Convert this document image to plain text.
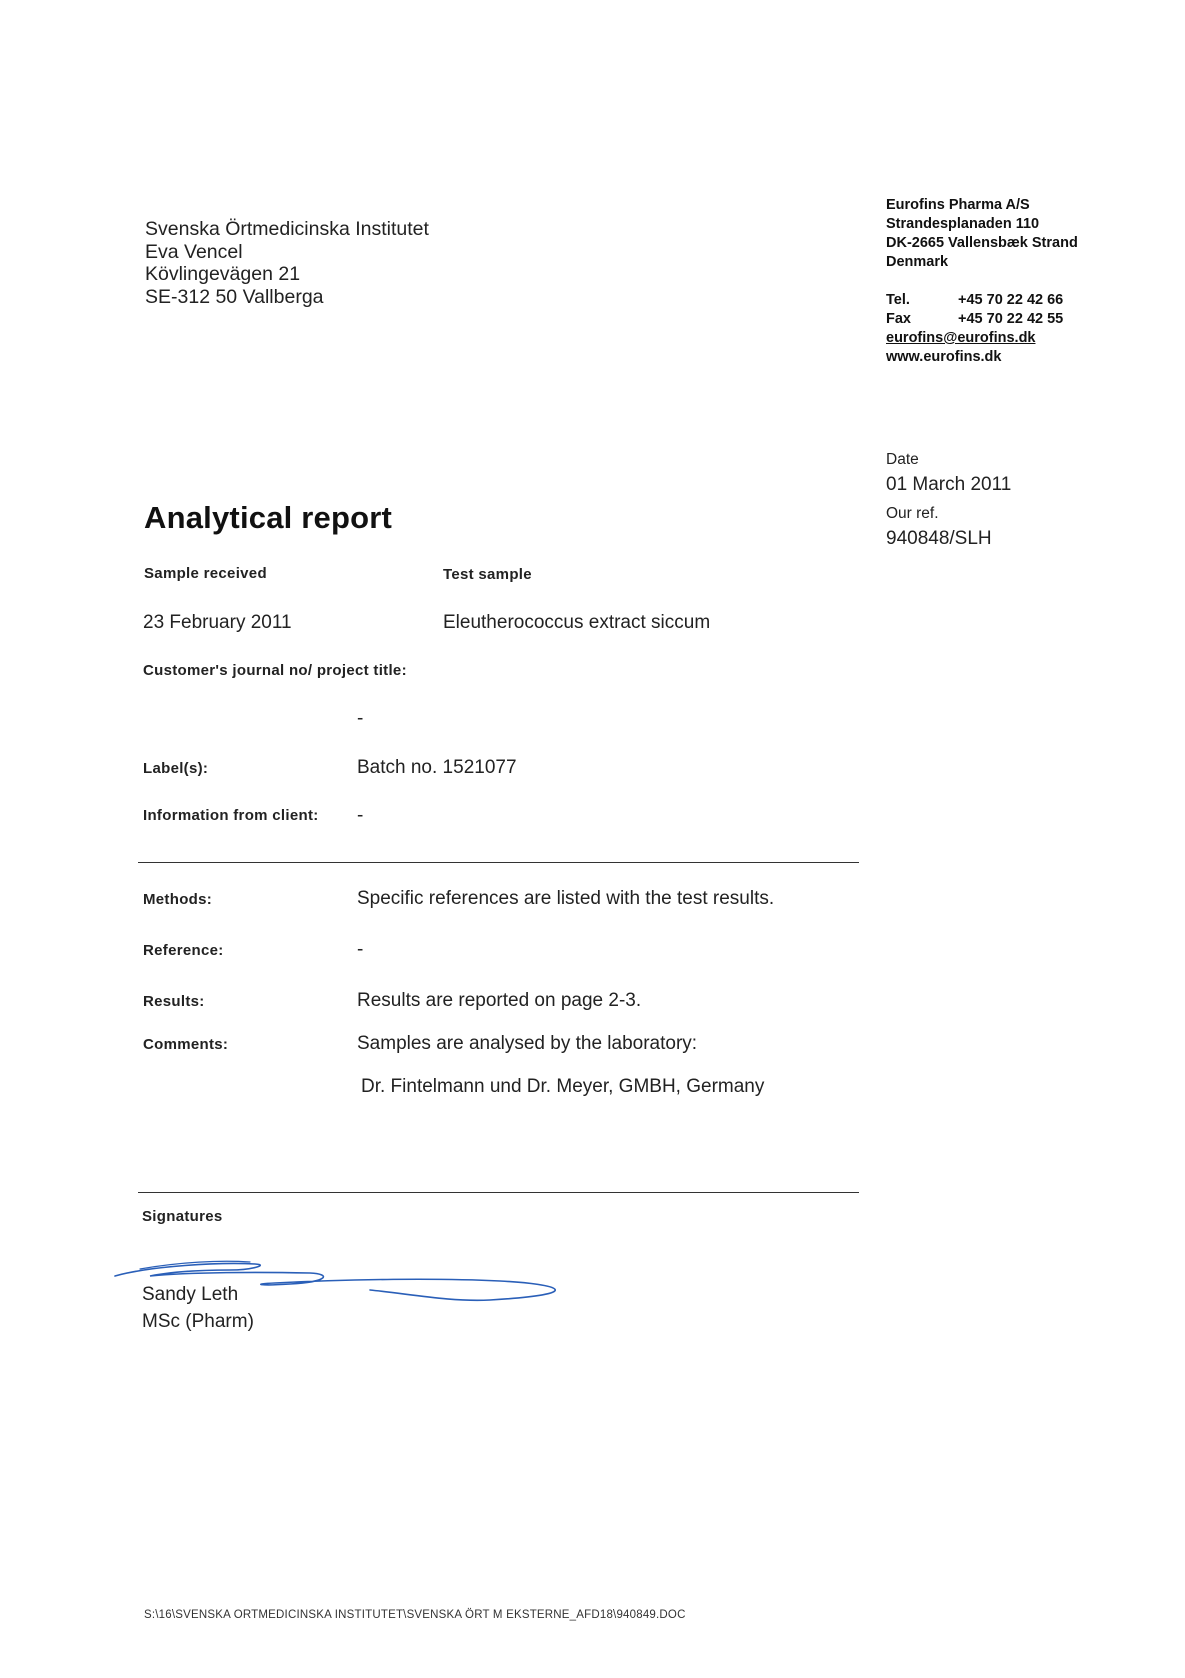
Svenska Örtmedicinska Institutet
Eva Vencel
Kövlingevägen 21
SE-312 50 Vallberga
Eurofins Pharma A/S
Strandesplanaden 110
DK-2665 Vallensbæk Strand
Denmark
Tel.	+45 70 22 42 66
Fax	+45 70 22 42 55
eurofins@eurofins.dk
www.eurofins.dk
Date
01 March 2011
Our ref.
940848/SLH
Analytical report
Sample received	Test sample
23 February 2011	Eleutherococcus extract siccum
Customer's journal no/ project title:
-
Label(s):	Batch no. 1521077
Information from client: -
Methods:	Specific references are listed with the test results.
Reference:	-
Results:	Results are reported on page 2-3.
Comments:	Samples are analysed by the laboratory:
Dr. Fintelmann und Dr. Meyer, GMBH, Germany
Signatures
Sandy Leth
MSc (Pharm)
S:\16\SVENSKA ORTMEDICINSKA INSTITUTET\SVENSKA ÖRT M EKSTERNE_AFD18\940849.DOC
